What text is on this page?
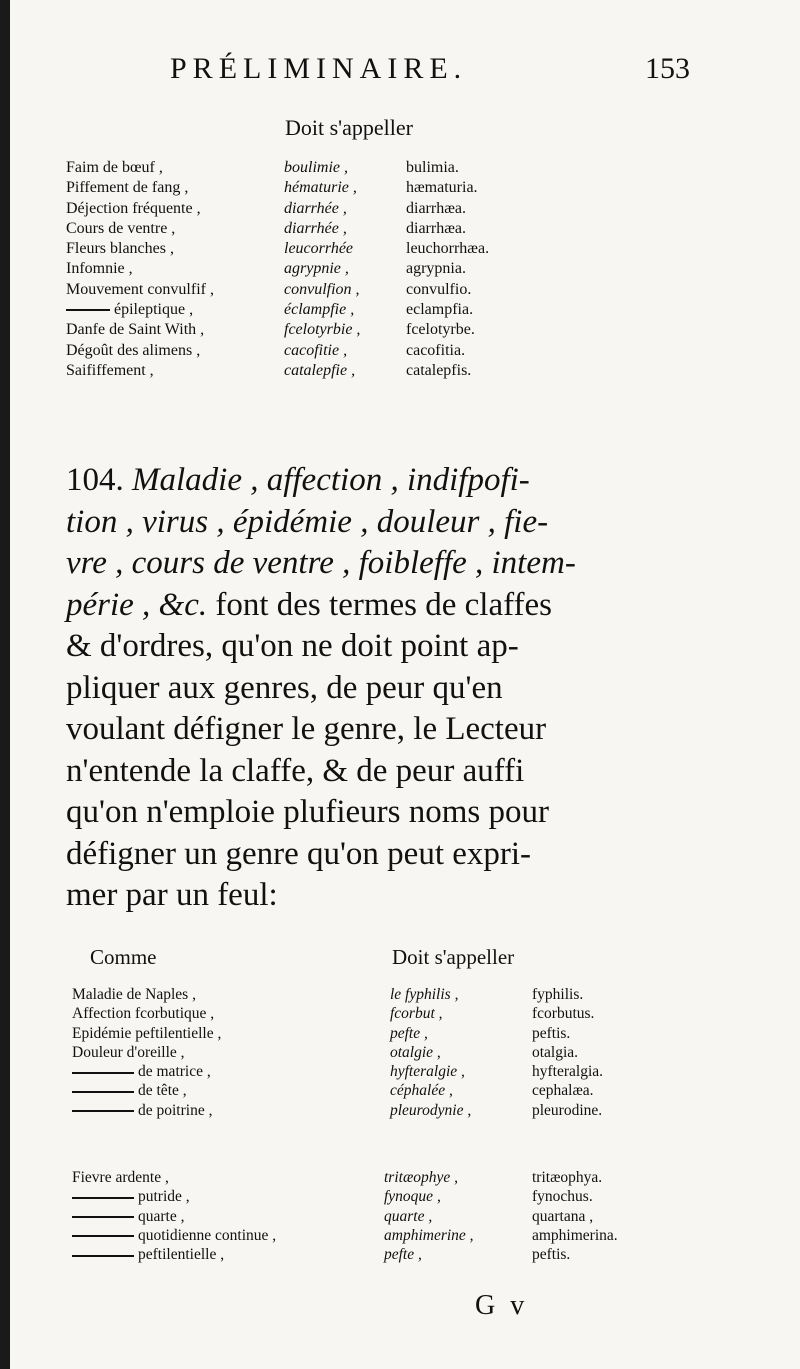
PRÉLIMINAIRE.	153
Doit s'appeller
Faim de bœuf ,	boulimie ,	bulimia.
Piffement de fang ,	hématurie ,	hæmaturia.
Déjection fréquente ,	diarrhée ,	diarrhæa.
Cours de ventre ,	diarrhée ,	diarrhæa.
Fleurs blanches ,	leucorrhée	leuchorrhæa.
Infomnie ,	agrypnie ,	agrypnia.
Mouvement convulfif ,	convulfion ,	convulfio.
épileptique ,	éclampfie ,	eclampfia.
Danfe de Saint With ,	fcelotyrbie ,	fcelotyrbe.
Dégoût des alimens ,	cacofitie ,	cacofitia.
Saififfement ,	catalepfie ,	catalepfis.
104. Maladie , affection , indifpofi-
tion , virus , épidémie , douleur , fie-
vre , cours de ventre , foibleffe , intem-
périe , &c. font des termes de claffes
& d'ordres, qu'on ne doit point ap-
pliquer aux genres, de peur qu'en
voulant défigner le genre, le Lecteur
n'entende la claffe, & de peur auffi
qu'on n'emploie plufieurs noms pour
défigner un genre qu'on peut expri-
mer par un feul:
Comme	Doit s'appeller
Maladie de Naples ,	le fyphilis ,	fyphilis.
Affection fcorbutique ,	fcorbut ,	fcorbutus.
Epidémie peftilentielle ,	pefte ,	peftis.
Douleur d'oreille ,	otalgie ,	otalgia.
de matrice ,	hyfteralgie ,	hyfteralgia.
de tête ,	céphalée ,	cephalæa.
de poitrine ,	pleurodynie ,	pleurodine.
Fievre ardente ,	tritæophye ,	tritæophya.
putride ,	fynoque ,	fynochus.
quarte ,	quarte ,	quartana ,
quotidienne continue ,	amphimerine ,	amphimerina.
peftilentielle ,	pefte ,	peftis.
G v
